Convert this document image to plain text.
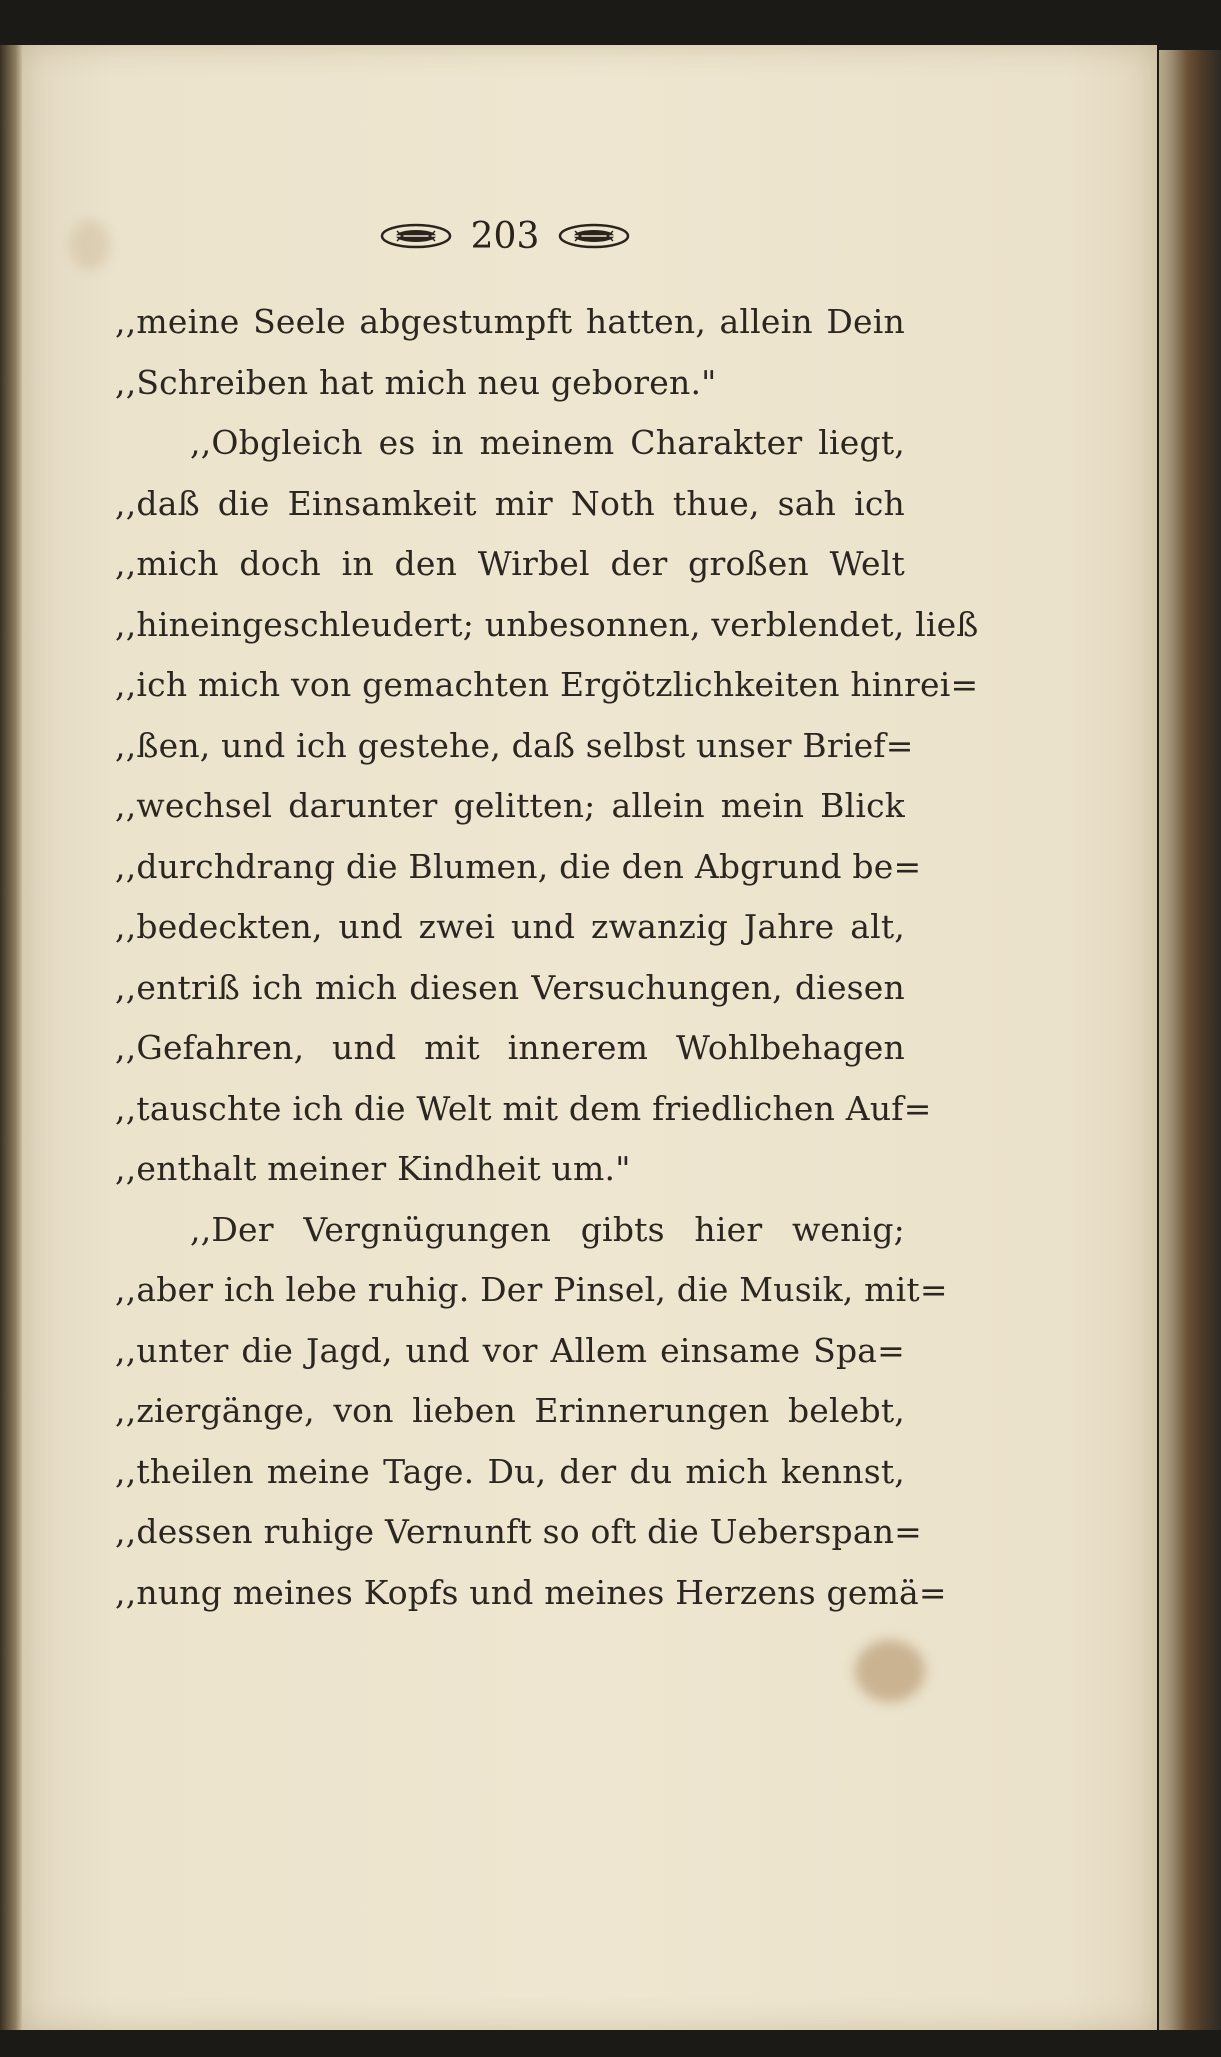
203
,,meine Seele abgestumpft hatten, allein Dein
,,Schreiben hat mich neu geboren."
,,Obgleich es in meinem Charakter liegt,
,,daß die Einsamkeit mir Noth thue, sah ich
,,mich doch in den Wirbel der großen Welt
,,hineingeschleudert; unbesonnen, verblendet, ließ
,,ich mich von gemachten Ergötzlichkeiten hinrei=
,,ßen, und ich gestehe, daß selbst unser Brief=
,,wechsel darunter gelitten; allein mein Blick
,,durchdrang die Blumen, die den Abgrund be=
,,bedeckten, und zwei und zwanzig Jahre alt,
,,entriß ich mich diesen Versuchungen, diesen
,,Gefahren, und mit innerem Wohlbehagen
,,tauschte ich die Welt mit dem friedlichen Auf=
,,enthalt meiner Kindheit um."
,,Der Vergnügungen gibts hier wenig;
,,aber ich lebe ruhig. Der Pinsel, die Musik, mit=
,,unter die Jagd, und vor Allem einsame Spa=
,,ziergänge, von lieben Erinnerungen belebt,
,,theilen meine Tage. Du, der du mich kennst,
,,dessen ruhige Vernunft so oft die Ueberspan=
,,nung meines Kopfs und meines Herzens gemä=
